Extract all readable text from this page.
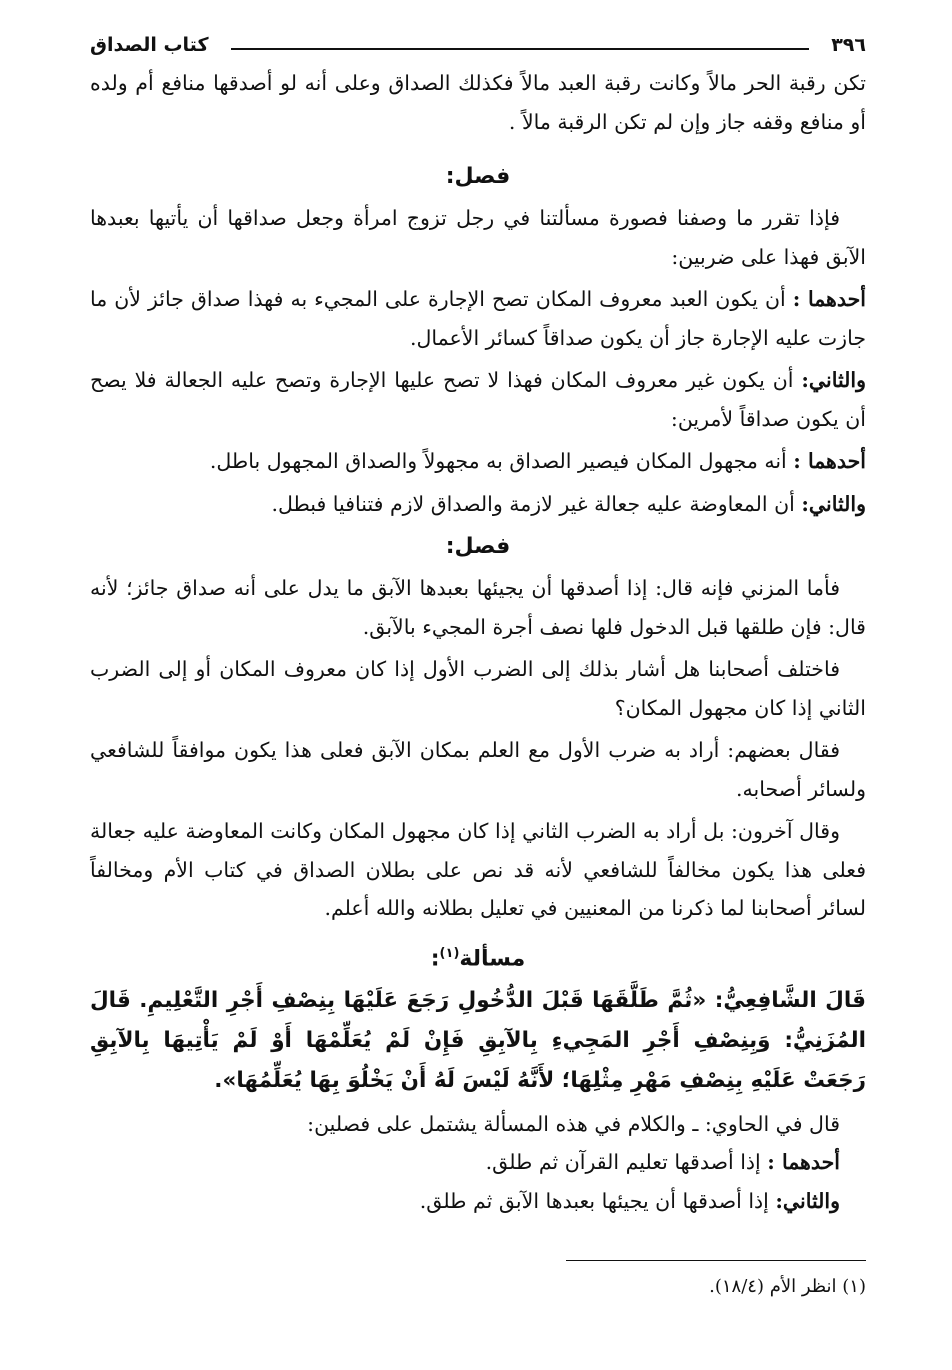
٣٩٦
كتاب الصداق

تكن رقبة الحر مالاً وكانت رقبة العبد مالاً فكذلك الصداق وعلى أنه لو أصدقها منافع أم ولده أو منافع وقفه جاز وإن لم تكن الرقبة مالاً .

فصل:

فإذا تقرر ما وصفنا فصورة مسألتنا في رجل تزوج امرأة وجعل صداقها أن يأتيها بعبدها الآبق فهذا على ضربين:

أحدهما : أن يكون العبد معروف المكان تصح الإجارة على المجيء به فهذا صداق جائز لأن ما جازت عليه الإجارة جاز أن يكون صداقاً كسائر الأعمال.

والثاني: أن يكون غير معروف المكان فهذا لا تصح عليها الإجارة وتصح عليه الجعالة فلا يصح أن يكون صداقاً لأمرين:

أحدهما : أنه مجهول المكان فيصير الصداق به مجهولاً والصداق المجهول باطل.

والثاني: أن المعاوضة عليه جعالة غير لازمة والصداق لازم فتنافيا فبطل.

فصل:

فأما المزني فإنه قال: إذا أصدقها أن يجيئها بعبدها الآبق ما يدل على أنه صداق جائز؛ لأنه قال: فإن طلقها قبل الدخول فلها نصف أجرة المجيء بالآبق.

فاختلف أصحابنا هل أشار بذلك إلى الضرب الأول إذا كان معروف المكان أو إلى الضرب الثاني إذا كان مجهول المكان؟

فقال بعضهم: أراد به ضرب الأول مع العلم بمكان الآبق فعلى هذا يكون موافقاً للشافعي ولسائر أصحابه.

وقال آخرون: بل أراد به الضرب الثاني إذا كان مجهول المكان وكانت المعاوضة عليه جعالة فعلى هذا يكون مخالفاً للشافعي لأنه قد نص على بطلان الصداق في كتاب الأم ومخالفاً لسائر أصحابنا لما ذكرنا من المعنيين في تعليل بطلانه والله أعلم.

مسألة$^{(١)}$:

قَالَ الشَّافِعِيُّ: «ثُمَّ طَلَّقَهَا قَبْلَ الدُّخُولِ رَجَعَ عَلَيْهَا بِنِصْفِ أَجْرِ التَّعْلِيمِ. قَالَ المُزَنِيُّ: وَبِنِصْفِ أَجْرِ المَجِيءِ بِالآبِقِ فَإِنْ لَمْ يُعَلِّمْهَا أَوْ لَمْ يَأْتِيهَا بِالآبِقِ رَجَعَتْ عَلَيْهِ بِنِصْفِ مَهْرِ مِثْلِهَا؛ لأَنَّهُ لَيْسَ لَهُ أَنْ يَخْلُوَ بِهَا يُعَلِّمُهَا».

قال في الحاوي: ـ والكلام في هذه المسألة يشتمل على فصلين:

أحدهما : إذا أصدقها تعليم القرآن ثم طلق.

والثاني: إذا أصدقها أن يجيئها بعبدها الآبق ثم طلق.

(١) انظر الأم (١٨/٤).
